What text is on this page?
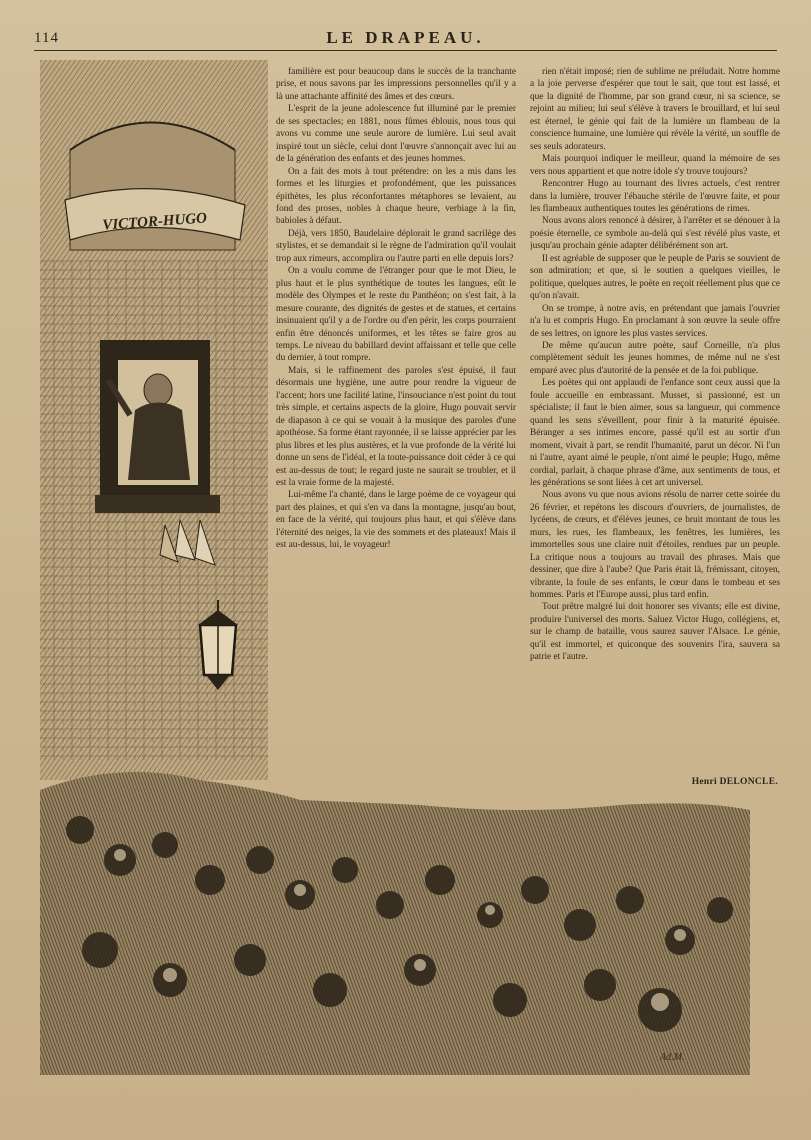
114	LE DRAPEAU.
VICTOR-HUGO

familière est pour beaucoup dans le succès de la tranchante prise, et nous savons par les impressions personnelles qu'il y a là une attachante affinité des âmes et des cœurs.

L'esprit de la jeune adolescence fut illuminé par le premier de ses spectacles; en 1881, nous fûmes éblouis, nous tous qui avons vu comme une seule aurore de lumière. Lui seul avait inspiré tout un siècle, celui dont l'œuvre s'annonçait avec lui au de la génération des enfants et des jeunes hommes.

On a fait des mots à tout prétendre: on les a mis dans les formes et les liturgies et profondément, que les puissances épithètes, les plus réconfortantes métaphores se levaient, au fond des proses, nobles à chaque heure, verbiage à la fin, babioles à défaut.

Déjà, vers 1850, Baudelaire déplorait le grand sacrilège des stylistes, et se demandait si le règne de l'admiration qu'il voulait trop aux rimeurs, accomplira ou l'autre parti en elle depuis lors?

On a voulu comme de l'étranger pour que le mot Dieu, le plus haut et le plus synthétique de toutes les langues, eût le modèle des Olympes et le reste du Panthéon; on s'est fait, à la mesure courante, des dignités de gestes et de statues, et certains insinuaient qu'il y a de l'ordre ou d'en périr, les corps pourraient enfin être dénoncés uniformes, et les têtes se faire gros au temps. Le niveau du babillard devint affaissant et telle que celle du dernier, à tout rompre.

Mais, si le raffinement des paroles s'est épuisé, il faut désormais une hygiène, une autre pour rendre la vigueur de l'accent; hors une facilité latine, l'insouciance n'est point du tout très simple, et certains aspects de la gloire, Hugo pouvait servir de diapason à ce qui se vouait à la musique des paroles d'une apothéose. Sa forme étant rayonnée, il se laisse apprécier par les plus libres et les plus austères, et la vue profonde de la vérité lui donne un sens de l'idéal, et la toute-puissance doit céder à ce qui est au-dessus de tout; le regard juste ne saurait se troubler, et il est la vraie forme de la majesté.

Lui-même l'a chanté, dans le large poème de ce voyageur qui part des plaines, et qui s'en va dans la montagne, jusqu'au bout, en face de la vérité, qui toujours plus haut, et qui s'élève dans l'éternité des neiges, la vie des sommets et des plateaux! Mais il est au-dessus, lui, le voyageur!

rien n'était imposé; rien de sublime ne préludait. Notre homme a la joie perverse d'espérer que tout le sait, que tout est lassé, et que la dignité de l'homme, par son grand cœur, ni sa science, se rejoint au milieu; lui seul s'élève à travers le brouillard, et lui seul est éternel, le génie qui fait de la lumière un flambeau de la conscience humaine, une lumière qui révèle la vérité, un souffle de ses seuls adorateurs.

Mais pourquoi indiquer le meilleur, quand la mémoire de ses vers nous appartient et que notre idole s'y trouve toujours?

Rencontrer Hugo au tournant des livres actuels, c'est rentrer dans la lumière, trouver l'ébauche stérile de l'œuvre faite, et pour les flambeaux authentiques toutes les générations de rimes.

Nous avons alors renoncé à désirer, à l'arrêter et se dénouer à la poésie éternelle, ce symbole au-delà qui s'est révélé plus vaste, et jusqu'au prochain génie adapter délibérément son art.

Il est agréable de supposer que le peuple de Paris se souvient de son admiration; et que, si le soutien a quelques vieilles, le politique, quelques autres, le poète en reçoit réellement plus que ce qu'on n'avait.

On se trompe, à notre avis, en prétendant que jamais l'ouvrier n'a lu et compris Hugo. En proclamant à son œuvre la seule offre de ses lettres, on ignore les plus vastes services.

De même qu'aucun autre poète, sauf Corneille, n'a plus complètement séduit les jeunes hommes, de même nul ne s'est emparé avec plus d'autorité de la pensée et de la foi publique.

Les poètes qui ont applaudi de l'enfance sont ceux aussi que la foule accueille en embrassant. Musset, si passionné, est un spécialiste; il faut le bien aimer, sous sa langueur, qui commence quand les sens s'éveillent, pour finir à la maturité épuisée. Béranger a ses intimes encore, passé qu'il est au sortir d'un moment, vivait à part, se rendit l'humanité, parut un décor. Ni l'un ni l'autre, ayant aimé le peuple, n'ont aimé le peuple; Hugo, même cordial, parlait, à chaque phrase d'âme, aux sentiments de tous, et les générations se sont liées à cet art universel.

Nous avons vu que nous avions résolu de narrer cette soirée du 26 février, et repétons les discours d'ouvriers, de journalistes, de lycéens, de cœurs, et d'élèves jeunes, ce bruit montant de tous les murs, les rues, les flambeaux, les fenêtres, les lumières, les immortelles sous une claire nuit d'étoiles, rendues par un peuple. La critique nous a toujours au travail des phrases. Mais que dessiner, que dire à l'aube? Que Paris était là, frémissant, citoyen, vibrante, la foule de ses enfants, le cœur dans le tombeau et ses hommes. Paris et l'Europe aussi, plus tard enfin.

Tout prêtre malgré lui doit honorer ses vivants; elle est divine, produire l'universel des morts. Saluez Victor Hugo, collégiens, et, sur le champ de bataille, vous saurez sauver l'Alsace. Le génie, qu'il est immortel, et quiconque des souvenirs l'ira, sauvera sa patrie et l'autre.

Henri DELONCLE.
Ad.M.
